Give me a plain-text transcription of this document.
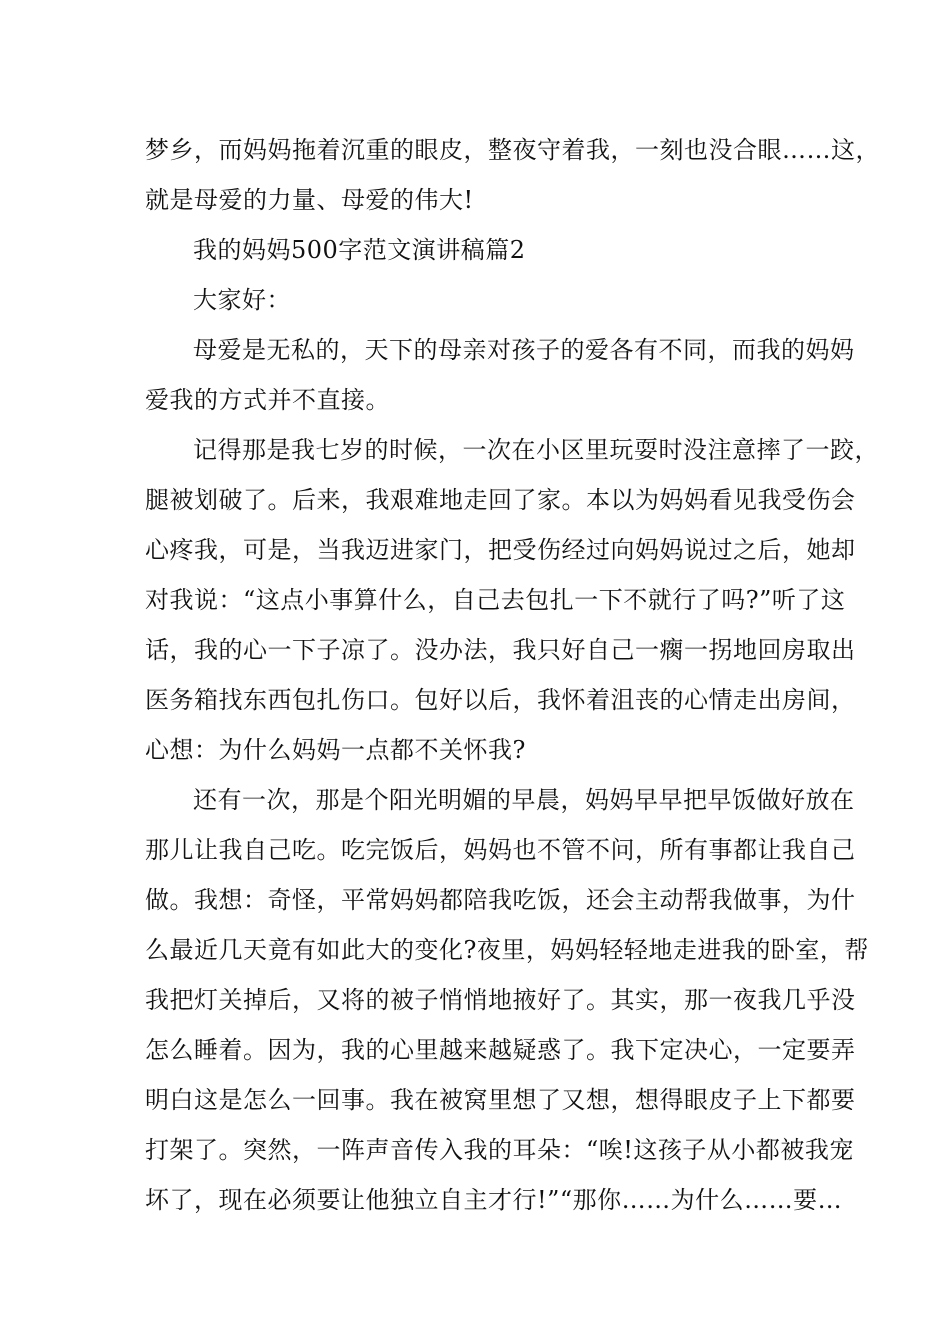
梦乡，而妈妈拖着沉重的眼皮，整夜守着我，一刻也没合眼……这，
就是母爱的力量、母爱的伟大!
我的妈妈500字范文演讲稿篇2
大家好：
母爱是无私的，天下的母亲对孩子的爱各有不同，而我的妈妈
爱我的方式并不直接。
记得那是我七岁的时候，一次在小区里玩耍时没注意摔了一跤，
腿被划破了。后来，我艰难地走回了家。本以为妈妈看见我受伤会
心疼我，可是，当我迈进家门，把受伤经过向妈妈说过之后，她却
对我说：“这点小事算什么，自己去包扎一下不就行了吗?”听了这
话，我的心一下子凉了。没办法，我只好自己一瘸一拐地回房取出
医务箱找东西包扎伤口。包好以后，我怀着沮丧的心情走出房间，
心想：为什么妈妈一点都不关怀我?
还有一次，那是个阳光明媚的早晨，妈妈早早把早饭做好放在
那儿让我自己吃。吃完饭后，妈妈也不管不问，所有事都让我自己
做。我想：奇怪，平常妈妈都陪我吃饭，还会主动帮我做事，为什
么最近几天竟有如此大的变化?夜里，妈妈轻轻地走进我的卧室，帮
我把灯关掉后，又将的被子悄悄地掖好了。其实，那一夜我几乎没
怎么睡着。因为，我的心里越来越疑惑了。我下定决心，一定要弄
明白这是怎么一回事。我在被窝里想了又想，想得眼皮子上下都要
打架了。突然，一阵声音传入我的耳朵：“唉!这孩子从小都被我宠
坏了，现在必须要让他独立自主才行!”“那你……为什么……要…
